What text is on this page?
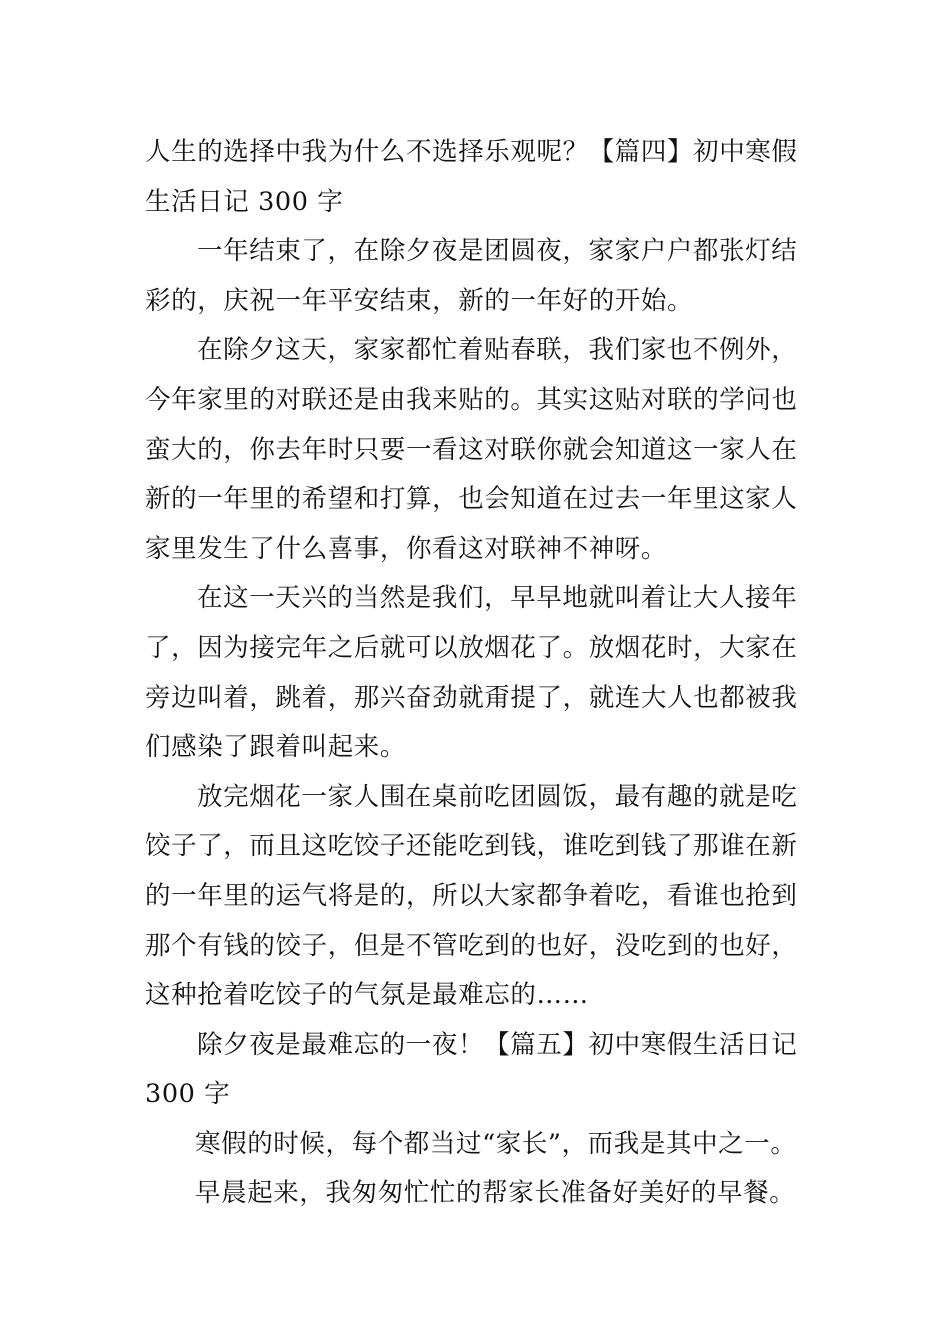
人生的选择中我为什么不选择乐观呢？【篇四】初中寒假
生活日记 300 字
一年结束了，在除夕夜是团圆夜，家家户户都张灯结
彩的，庆祝一年平安结束，新的一年好的开始。
在除夕这天，家家都忙着贴春联，我们家也不例外，
今年家里的对联还是由我来贴的。其实这贴对联的学问也
蛮大的，你去年时只要一看这对联你就会知道这一家人在
新的一年里的希望和打算，也会知道在过去一年里这家人
家里发生了什么喜事，你看这对联神不神呀。
在这一天兴的当然是我们，早早地就叫着让大人接年
了，因为接完年之后就可以放烟花了。放烟花时，大家在
旁边叫着，跳着，那兴奋劲就甭提了，就连大人也都被我
们感染了跟着叫起来。
放完烟花一家人围在桌前吃团圆饭，最有趣的就是吃
饺子了，而且这吃饺子还能吃到钱，谁吃到钱了那谁在新
的一年里的运气将是的，所以大家都争着吃，看谁也抢到
那个有钱的饺子，但是不管吃到的也好，没吃到的也好，
这种抢着吃饺子的气氛是最难忘的……
除夕夜是最难忘的一夜！【篇五】初中寒假生活日记
300 字
寒假的时候，每个都当过“家长”，而我是其中之一。
早晨起来，我匆匆忙忙的帮家长准备好美好的早餐。
